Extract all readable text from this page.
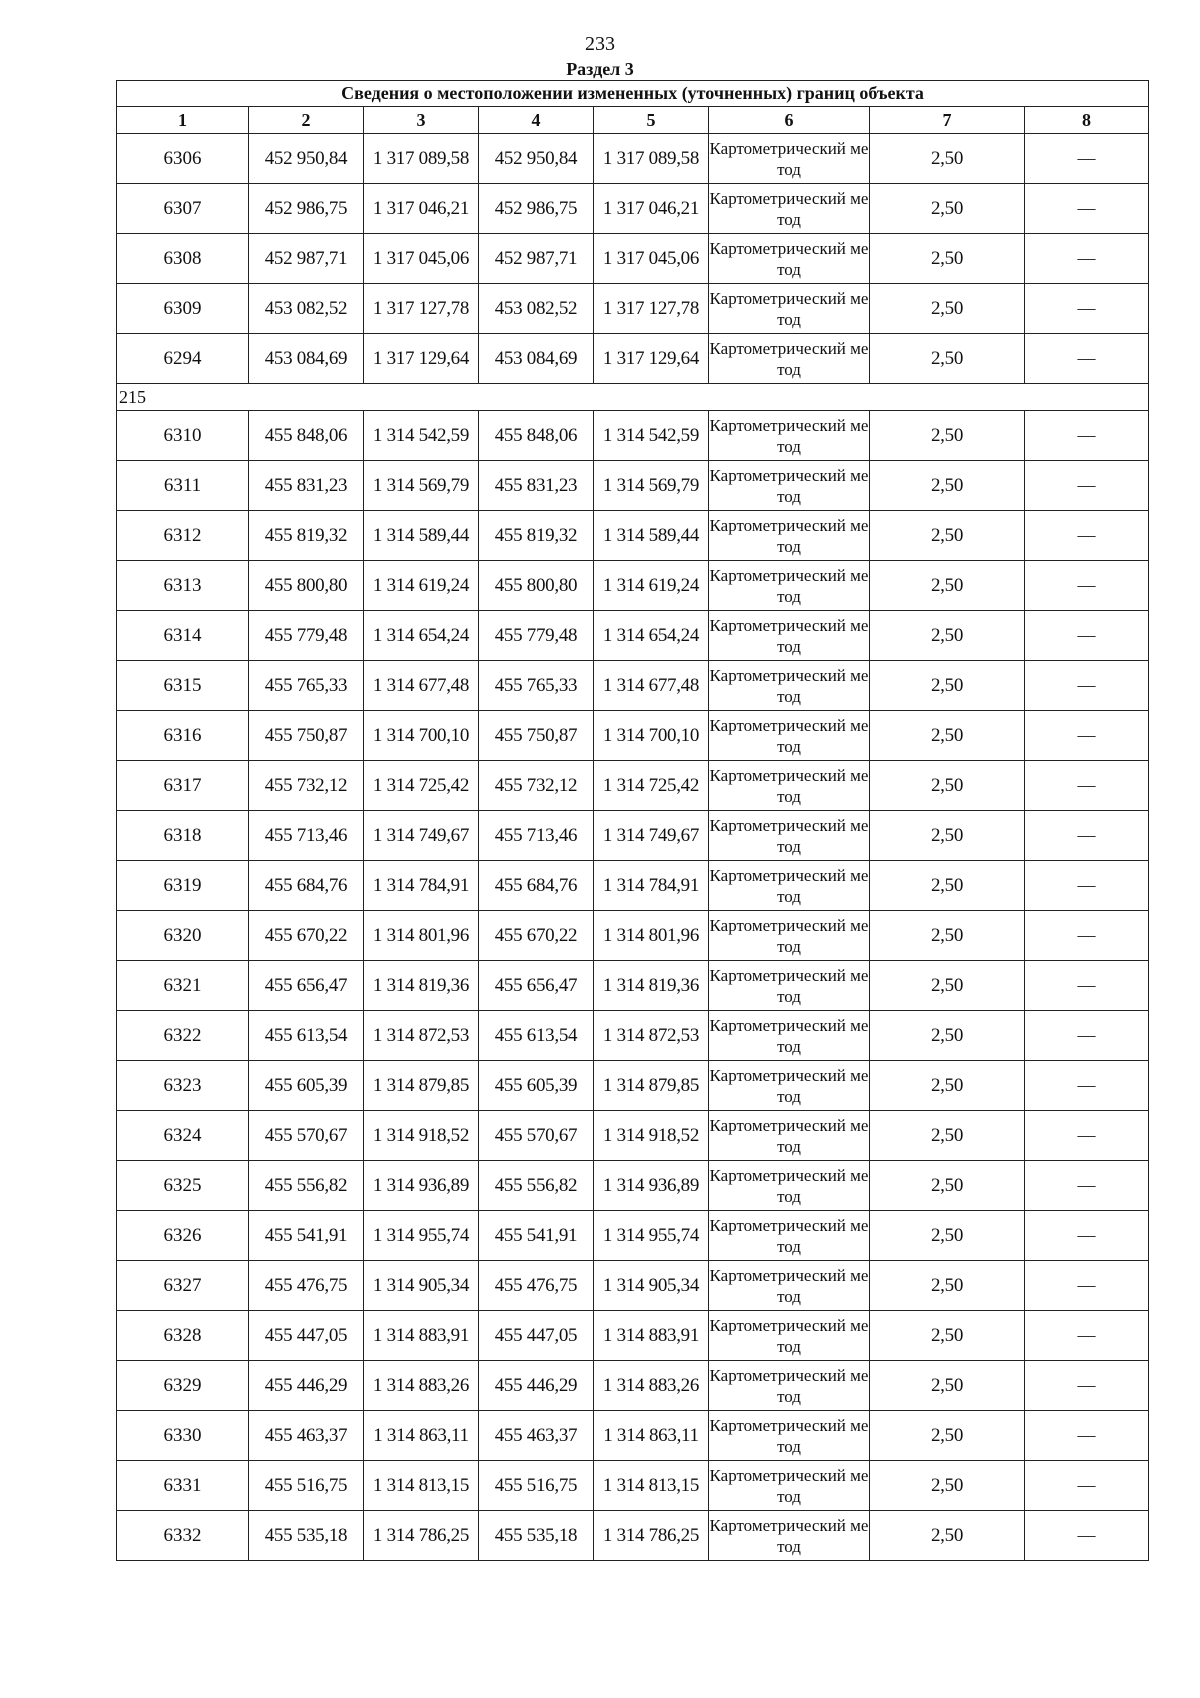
233
Раздел 3
Сведения о местоположении измененных (уточненных) границ объекта							
1	2	3	4	5	6	7	8
6306	452 950,84	1 317 089,58	452 950,84	1 317 089,58	Картометрический метод	2,50	—
6307	452 986,75	1 317 046,21	452 986,75	1 317 046,21	Картометрический метод	2,50	—
6308	452 987,71	1 317 045,06	452 987,71	1 317 045,06	Картометрический метод	2,50	—
6309	453 082,52	1 317 127,78	453 082,52	1 317 127,78	Картометрический метод	2,50	—
6294	453 084,69	1 317 129,64	453 084,69	1 317 129,64	Картометрический метод	2,50	—
215							
6310	455 848,06	1 314 542,59	455 848,06	1 314 542,59	Картометрический метод	2,50	—
6311	455 831,23	1 314 569,79	455 831,23	1 314 569,79	Картометрический метод	2,50	—
6312	455 819,32	1 314 589,44	455 819,32	1 314 589,44	Картометрический метод	2,50	—
6313	455 800,80	1 314 619,24	455 800,80	1 314 619,24	Картометрический метод	2,50	—
6314	455 779,48	1 314 654,24	455 779,48	1 314 654,24	Картометрический метод	2,50	—
6315	455 765,33	1 314 677,48	455 765,33	1 314 677,48	Картометрический метод	2,50	—
6316	455 750,87	1 314 700,10	455 750,87	1 314 700,10	Картометрический метод	2,50	—
6317	455 732,12	1 314 725,42	455 732,12	1 314 725,42	Картометрический метод	2,50	—
6318	455 713,46	1 314 749,67	455 713,46	1 314 749,67	Картометрический метод	2,50	—
6319	455 684,76	1 314 784,91	455 684,76	1 314 784,91	Картометрический метод	2,50	—
6320	455 670,22	1 314 801,96	455 670,22	1 314 801,96	Картометрический метод	2,50	—
6321	455 656,47	1 314 819,36	455 656,47	1 314 819,36	Картометрический метод	2,50	—
6322	455 613,54	1 314 872,53	455 613,54	1 314 872,53	Картометрический метод	2,50	—
6323	455 605,39	1 314 879,85	455 605,39	1 314 879,85	Картометрический метод	2,50	—
6324	455 570,67	1 314 918,52	455 570,67	1 314 918,52	Картометрический метод	2,50	—
6325	455 556,82	1 314 936,89	455 556,82	1 314 936,89	Картометрический метод	2,50	—
6326	455 541,91	1 314 955,74	455 541,91	1 314 955,74	Картометрический метод	2,50	—
6327	455 476,75	1 314 905,34	455 476,75	1 314 905,34	Картометрический метод	2,50	—
6328	455 447,05	1 314 883,91	455 447,05	1 314 883,91	Картометрический метод	2,50	—
6329	455 446,29	1 314 883,26	455 446,29	1 314 883,26	Картометрический метод	2,50	—
6330	455 463,37	1 314 863,11	455 463,37	1 314 863,11	Картометрический метод	2,50	—
6331	455 516,75	1 314 813,15	455 516,75	1 314 813,15	Картометрический метод	2,50	—
6332	455 535,18	1 314 786,25	455 535,18	1 314 786,25	Картометрический метод	2,50	—
